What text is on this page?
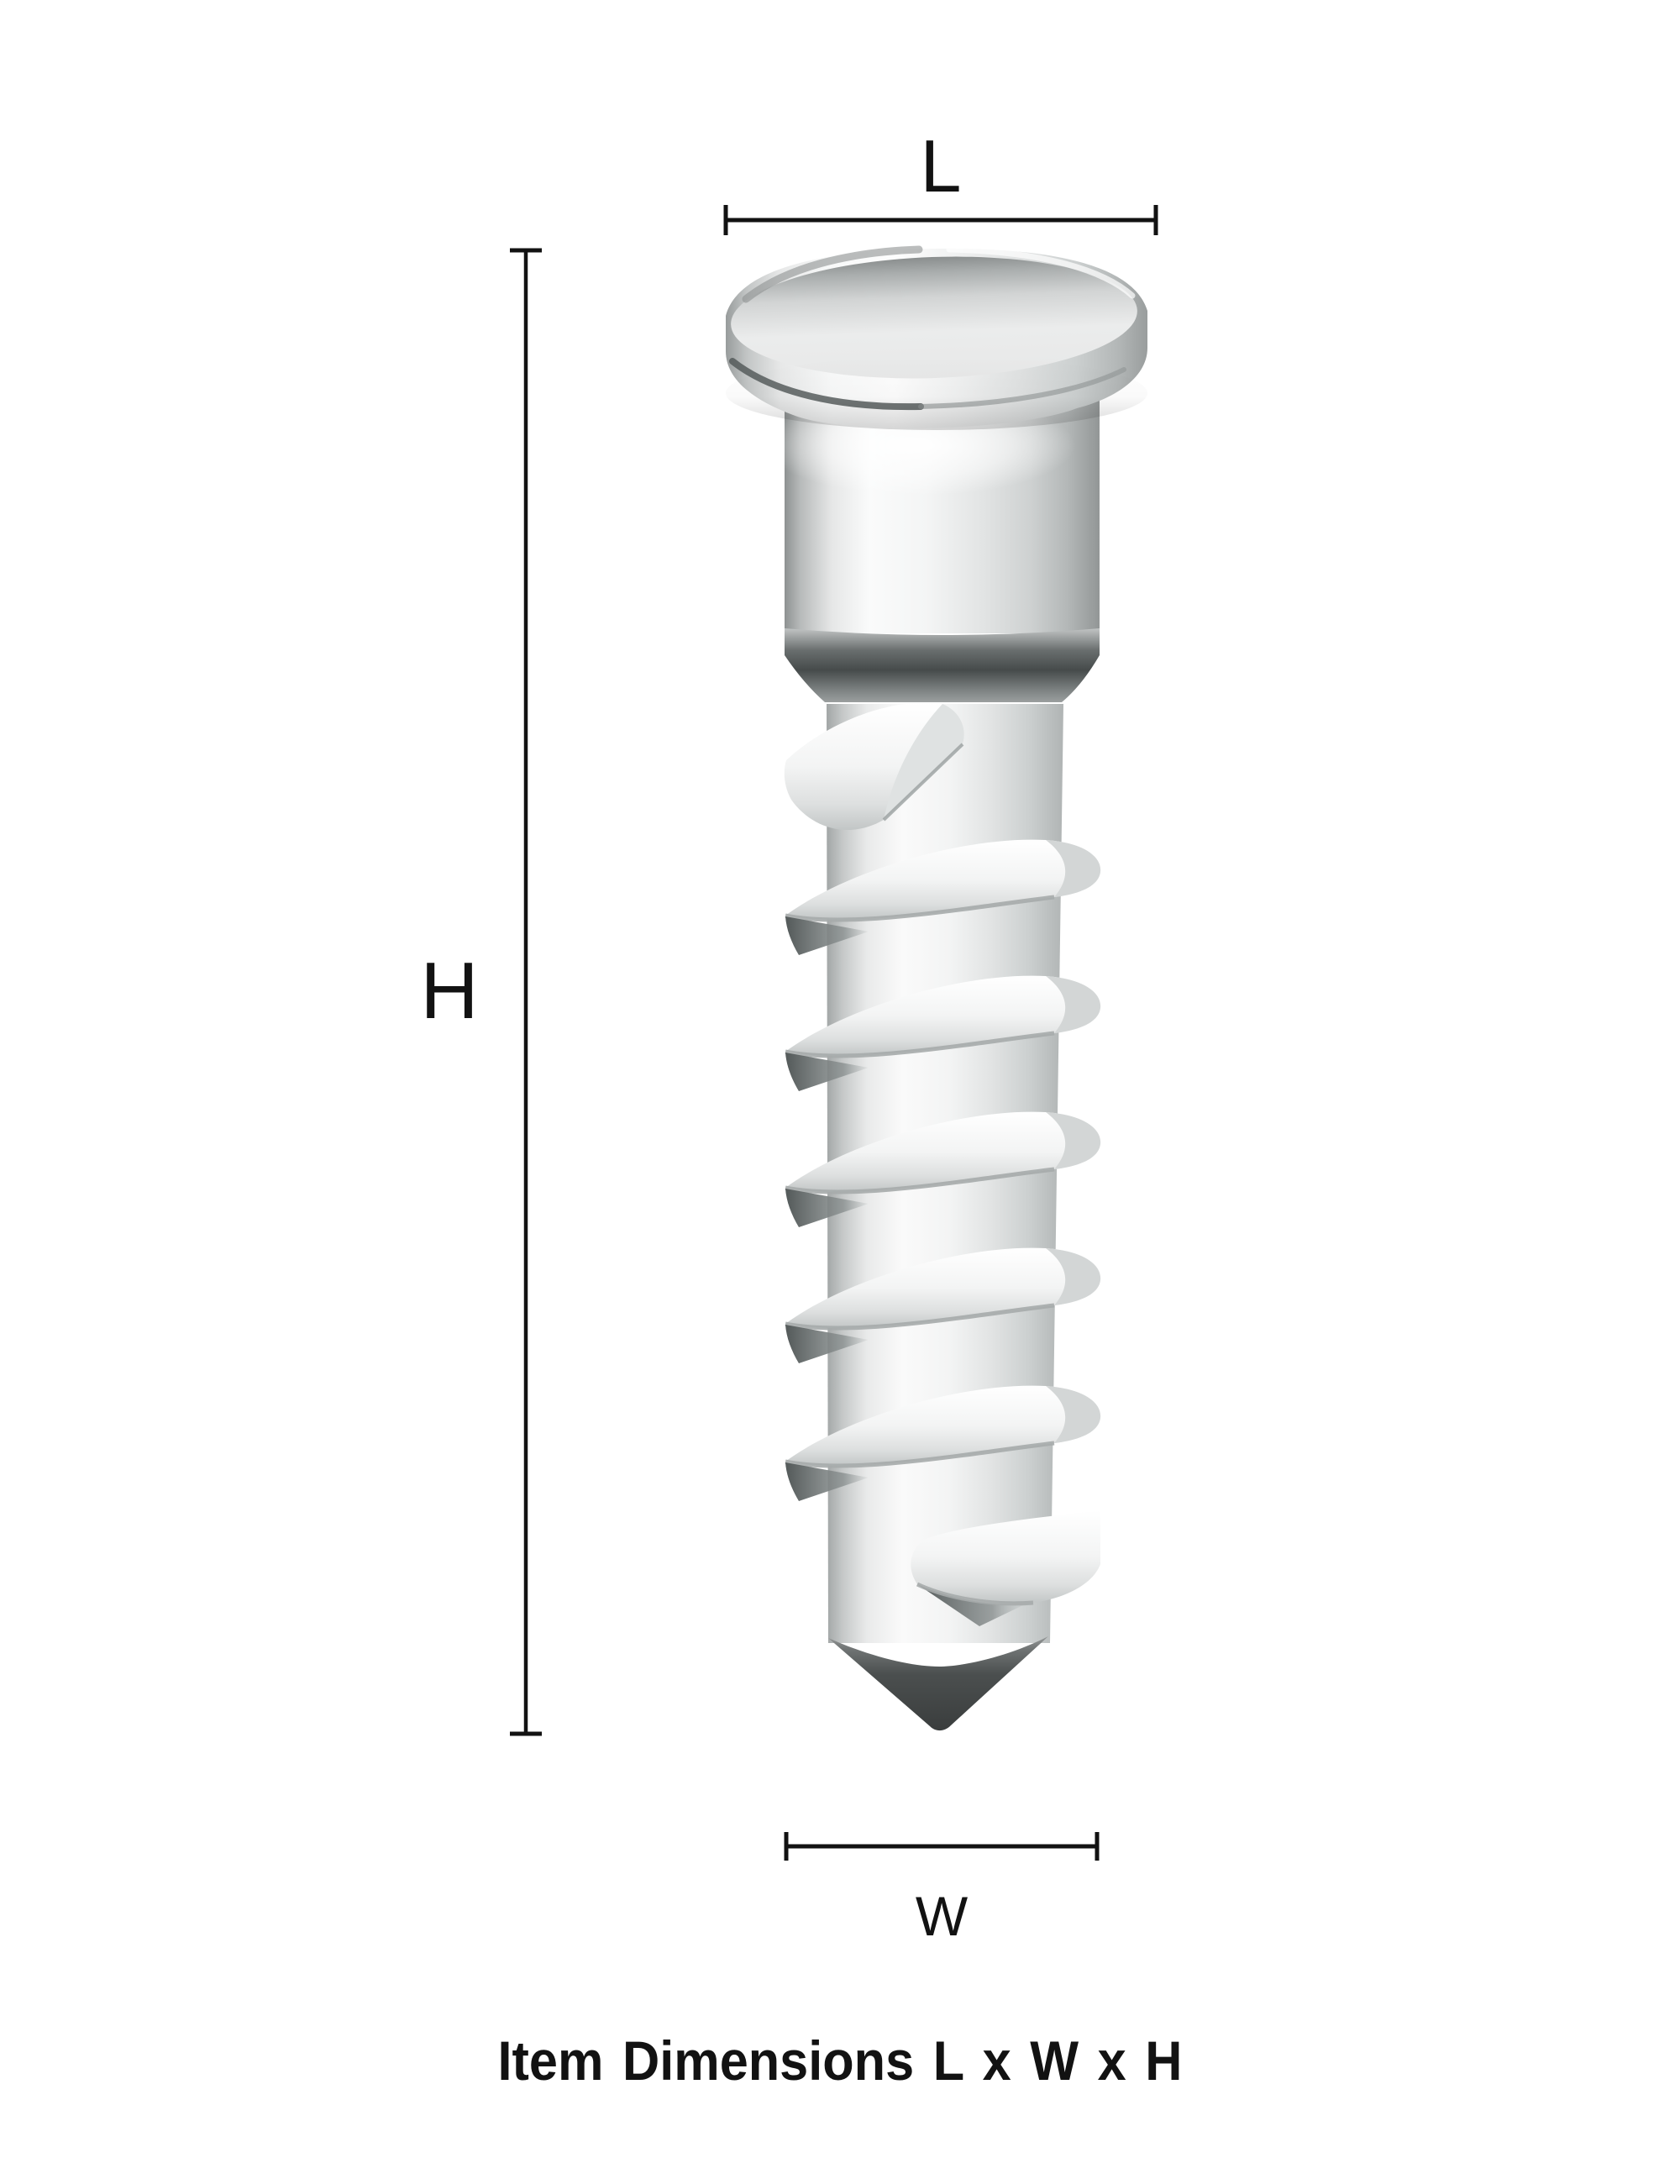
L
H
W
Item Dimensions L x W x H
